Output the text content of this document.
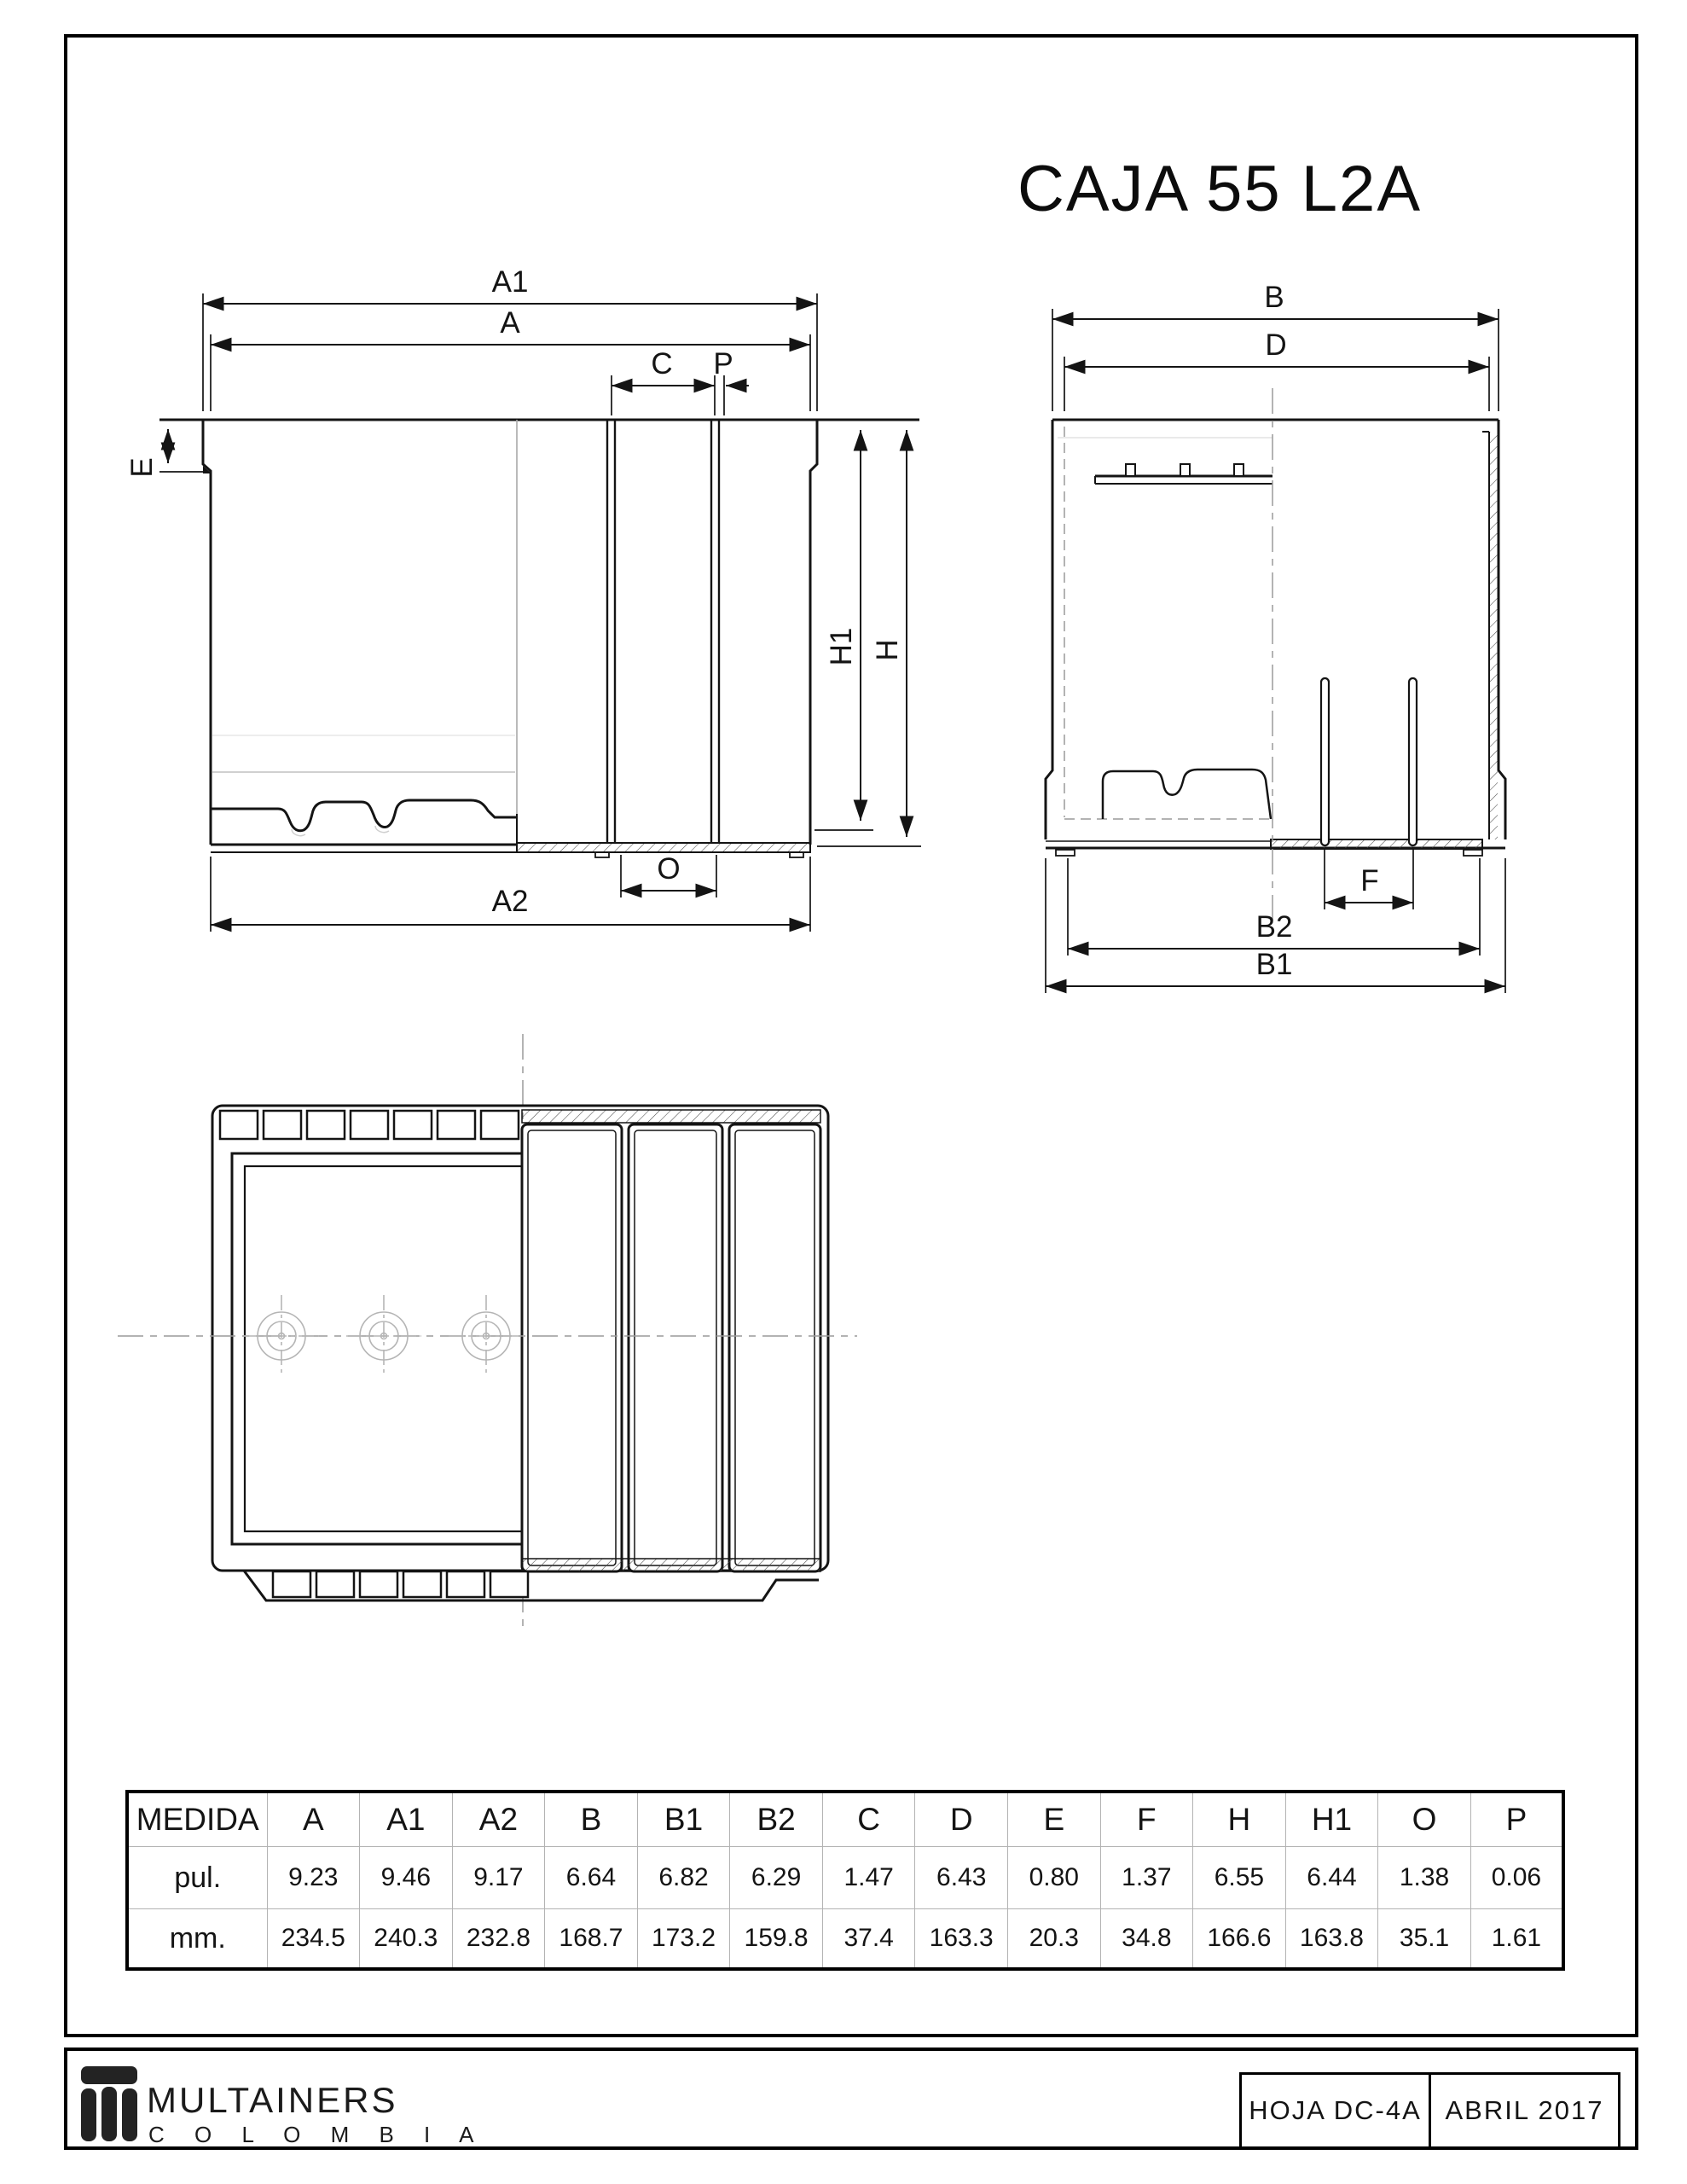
CAJA 55 L2A
A1
A
C P
E
H1 H
O
A2
B
D
F
B2
B1
MEDIDA	A	A1	A2	B	B1	B2	C	D	E	F	H	H1	O	P
pul.	9.23	9.46	9.17	6.64	6.82	6.29	1.47	6.43	0.80	1.37	6.55	6.44	1.38	0.06
mm.	234.5	240.3	232.8	168.7	173.2	159.8	37.4	163.3	20.3	34.8	166.6	163.8	35.1	1.61
MULTAINERS
C O L O M B I A
HOJA DC-4A ABRIL 2017
